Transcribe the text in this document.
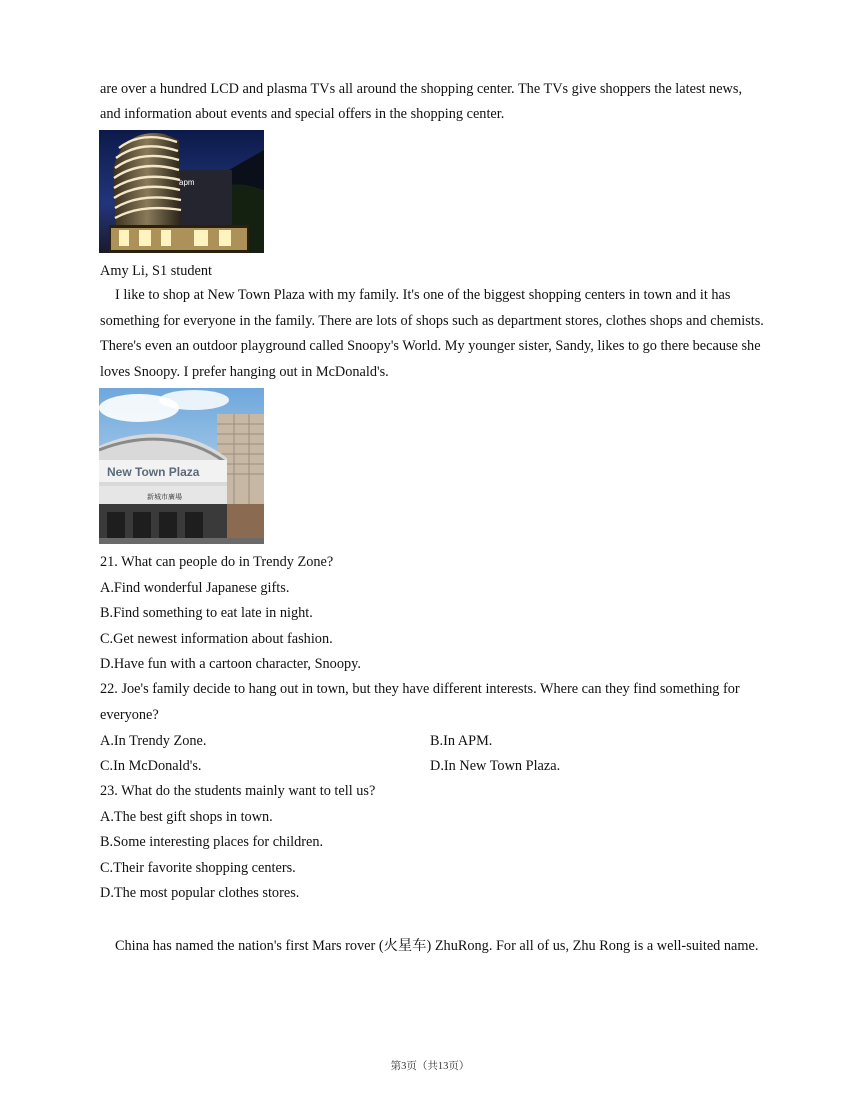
are over a hundred LCD and plasma TVs all around the shopping center. The TVs give shoppers the latest news,
and information about events and special offers in the shopping center.
apm
Amy Li, S1 student
I like to shop at New Town Plaza with my family. It's one of the biggest shopping centers in town and it has something for everyone in the family. There are lots of shops such as department stores, clothes shops and chemists. There's even an outdoor playground called Snoopy's World. My younger sister, Sandy, likes to go there because she loves Snoopy. I prefer hanging out in McDonald's.
New Town Plaza
新城市廣場
21. What can people do in Trendy Zone?
A.Find wonderful Japanese gifts.
B.Find something to eat late in night.
C.Get newest information about fashion.
D.Have fun with a cartoon character, Snoopy.
22. Joe's family decide to hang out in town, but they have different interests. Where can they find something for everyone?
A.In Trendy Zone.	B.In APM.
C.In McDonald's.	D.In New Town Plaza.
23. What do the students mainly want to tell us?
A.The best gift shops in town.
B.Some interesting places for children.
C.Their favorite shopping centers.
D.The most popular clothes stores.
China has named the nation's first Mars rover (火星车) ZhuRong. For all of us, Zhu Rong is a well-suited name.
第3页（共13页）
